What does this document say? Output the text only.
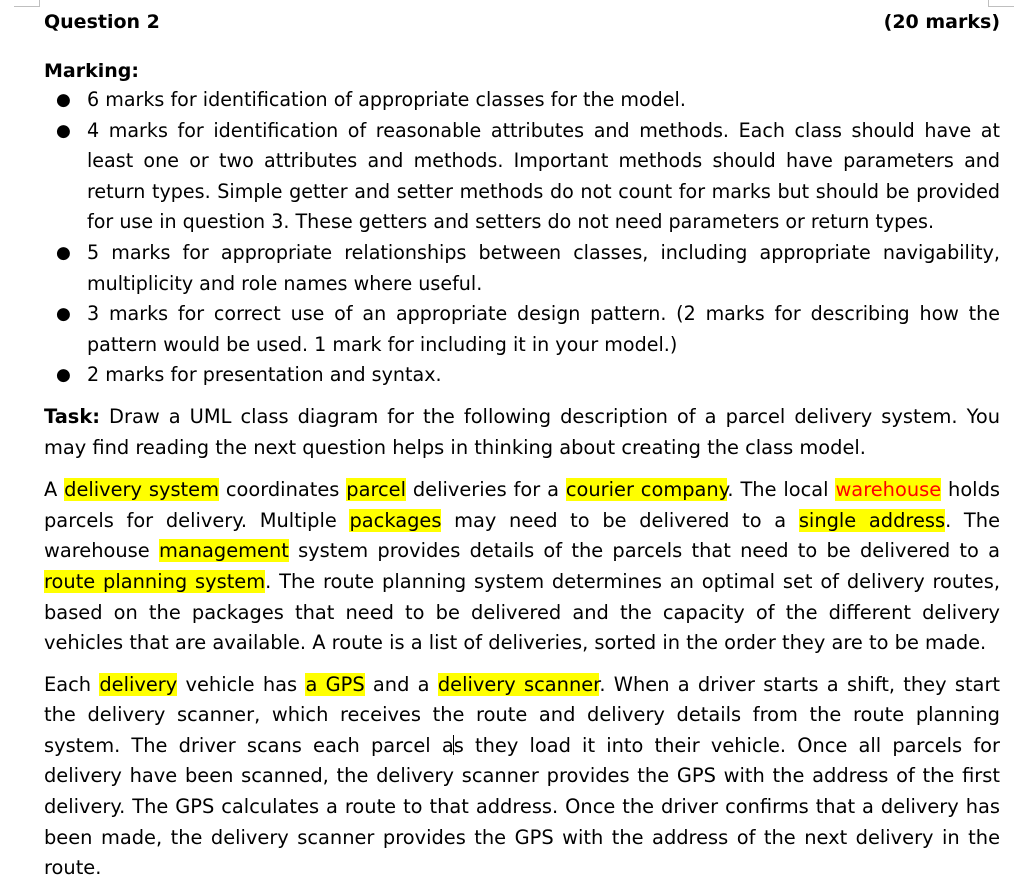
Question 2	(20 marks)
Marking:
● 6 marks for identification of appropriate classes for the model.
● 4 marks for identification of reasonable attributes and methods. Each class should have at least one or two attributes and methods. Important methods should have parameters and return types. Simple getter and setter methods do not count for marks but should be provided for use in question 3. These getters and setters do not need parameters or return types.
● 5 marks for appropriate relationships between classes, including appropriate navigability, multiplicity and role names where useful.
● 3 marks for correct use of an appropriate design pattern. (2 marks for describing how the pattern would be used. 1 mark for including it in your model.)
● 2 marks for presentation and syntax.

Task: Draw a UML class diagram for the following description of a parcel delivery system. You may find reading the next question helps in thinking about creating the class model.

A delivery system coordinates parcel deliveries for a courier company. The local warehouse holds parcels for delivery. Multiple packages may need to be delivered to a single address. The warehouse management system provides details of the parcels that need to be delivered to a route planning system. The route planning system determines an optimal set of delivery routes, based on the packages that need to be delivered and the capacity of the different delivery vehicles that are available. A route is a list of deliveries, sorted in the order they are to be made.

Each delivery vehicle has a GPS and a delivery scanner. When a driver starts a shift, they start the delivery scanner, which receives the route and delivery details from the route planning system. The driver scans each parcel as they load it into their vehicle. Once all parcels for delivery have been scanned, the delivery scanner provides the GPS with the address of the first delivery. The GPS calculates a route to that address. Once the driver confirms that a delivery has been made, the delivery scanner provides the GPS with the address of the next delivery in the route.
